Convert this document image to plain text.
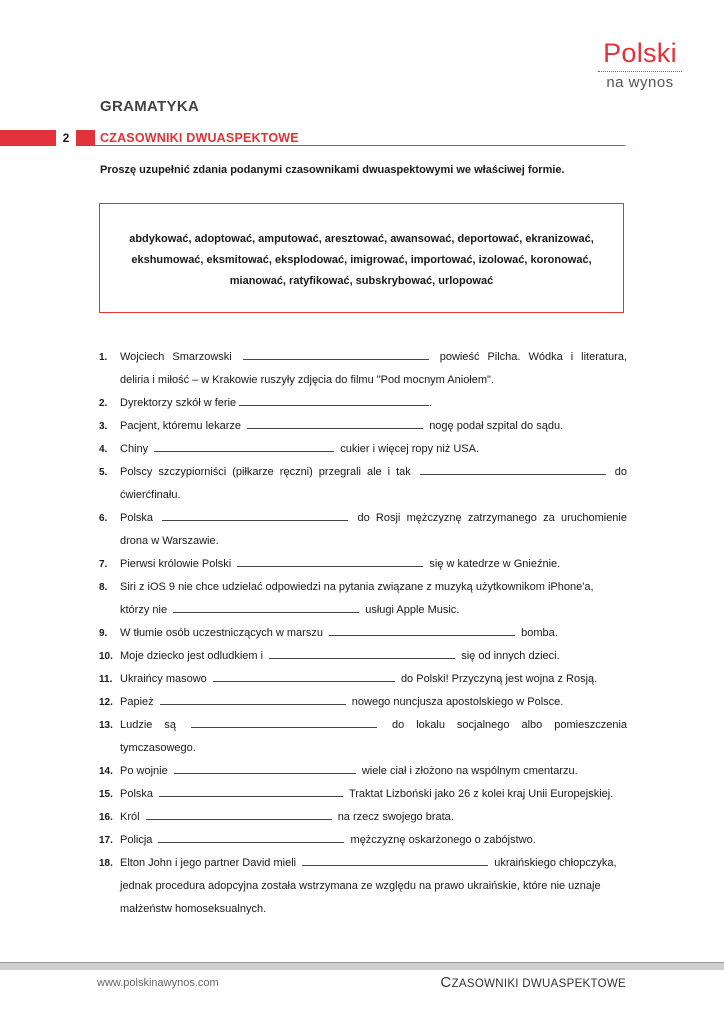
Polski
na wynos
GRAMATYKA
2	CZASOWNIKI DWUASPEKTOWE
Proszę uzupełnić zdania podanymi czasownikami dwuaspektowymi we właściwej formie.
abdykować, adoptować, amputować, aresztować, awansować, deportować, ekranizować,
ekshumować, eksmitować, eksplodować, imigrować, importować, izolować, koronować,
mianować, ratyfikować, subskrybować, urlopować
1. Wojciech Smarzowski	powieść Pilcha. Wódka i literatura,
deliria i miłość – w Krakowie ruszyły zdjęcia do filmu "Pod mocnym Aniołem".
2. Dyrektorzy szkół w ferie	.
3. Pacjent, któremu lekarze	nogę podał szpital do sądu.
4. Chiny	cukier i więcej ropy niż USA.
5. Polscy szczypiorniści (piłkarze ręczni) przegrali ale i tak	do
ćwierćfinału.
6. Polska	do Rosji mężczyznę zatrzymanego za uruchomienie
drona w Warszawie.
7. Pierwsi królowie Polski	się w katedrze w Gnieźnie.
8. Siri z iOS 9 nie chce udzielać odpowiedzi na pytania związane z muzyką użytkownikom iPhone'a,
którzy nie	usługi Apple Music.
9. W tłumie osób uczestniczących w marszu	bomba.
10. Moje dziecko jest odludkiem i	się od innych dzieci.
11. Ukraińcy masowo	do Polski! Przyczyną jest wojna z Rosją.
12. Papież	nowego nuncjusza apostolskiego w Polsce.
13. Ludzie są	do lokalu socjalnego albo pomieszczenia
tymczasowego.
14. Po wojnie	wiele ciał i złożono na wspólnym cmentarzu.
15. Polska	Traktat Lizboński jako 26 z kolei kraj Unii Europejskiej.
16. Król	na rzecz swojego brata.
17. Policja	mężczyznę oskarżonego o zabójstwo.
18. Elton John i jego partner David mieli	ukraińskiego chłopczyka,
jednak procedura adopcyjna została wstrzymana ze względu na prawo ukraińskie, które nie uznaje
małżeństw homoseksualnych.
www.polskinawynos.com	CZASOWNIKI DWUASPEKTOWE
